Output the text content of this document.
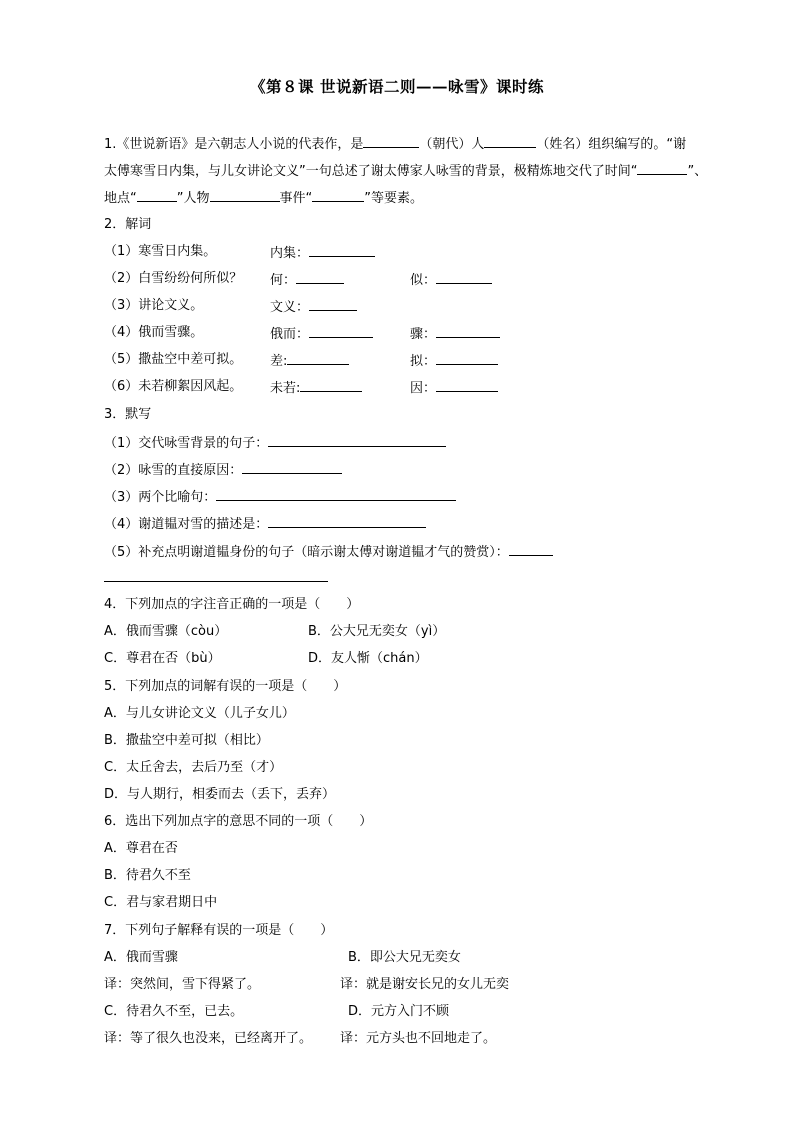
《第８课 世说新语二则——咏雪》课时练
1.《世说新语》是六朝志人小说的代表作，是	（朝代）人	（姓名）组织编写的。“谢
太傅寒雪日内集，与儿女讲论文义”一句总述了谢太傅家人咏雪的背景，极精炼地交代了时间“	”、
地点“	”人物	事件“	”等要素。
2．解词
（1）寒雪日内集。	内集：
（2）白雪纷纷何所似？ 何：	似：
（3）讲论文义。	文义：
（4）俄而雪骤。	俄而：	骤：
（5）撒盐空中差可拟。 差:	拟：
（6）未若柳絮因风起。 未若:	因：
3．默写
（1）交代咏雪背景的句子：
（2）咏雪的直接原因：
（3）两个比喻句：
（4）谢道韫对雪的描述是：
（5）补充点明谢道韫身份的句子（暗示谢太傅对谢道韫才气的赞赏）：
4．下列加点的字注音正确的一项是（　　）
A．俄而雪骤（còu）	B．公大兄无奕女（yì）
C．尊君在否（bù）	D．友人惭（chán）
5．下列加点的词解有误的一项是（　　）
A．与儿女讲论文义（儿子女儿）
B．撒盐空中差可拟（相比）
C．太丘舍去，去后乃至（才）
D．与人期行，相委而去（丢下，丢弃）
6．选出下列加点字的意思不同的一项（　　）
A．尊君在否
B．待君久不至
C．君与家君期日中
7．下列句子解释有误的一项是（　　）
A．俄而雪骤	B．即公大兄无奕女
译：突然间，雪下得紧了。	译：就是谢安长兄的女儿无奕
C．待君久不至，已去。	D．元方入门不顾
译：等了很久也没来，已经离开了。 译：元方头也不回地走了。
